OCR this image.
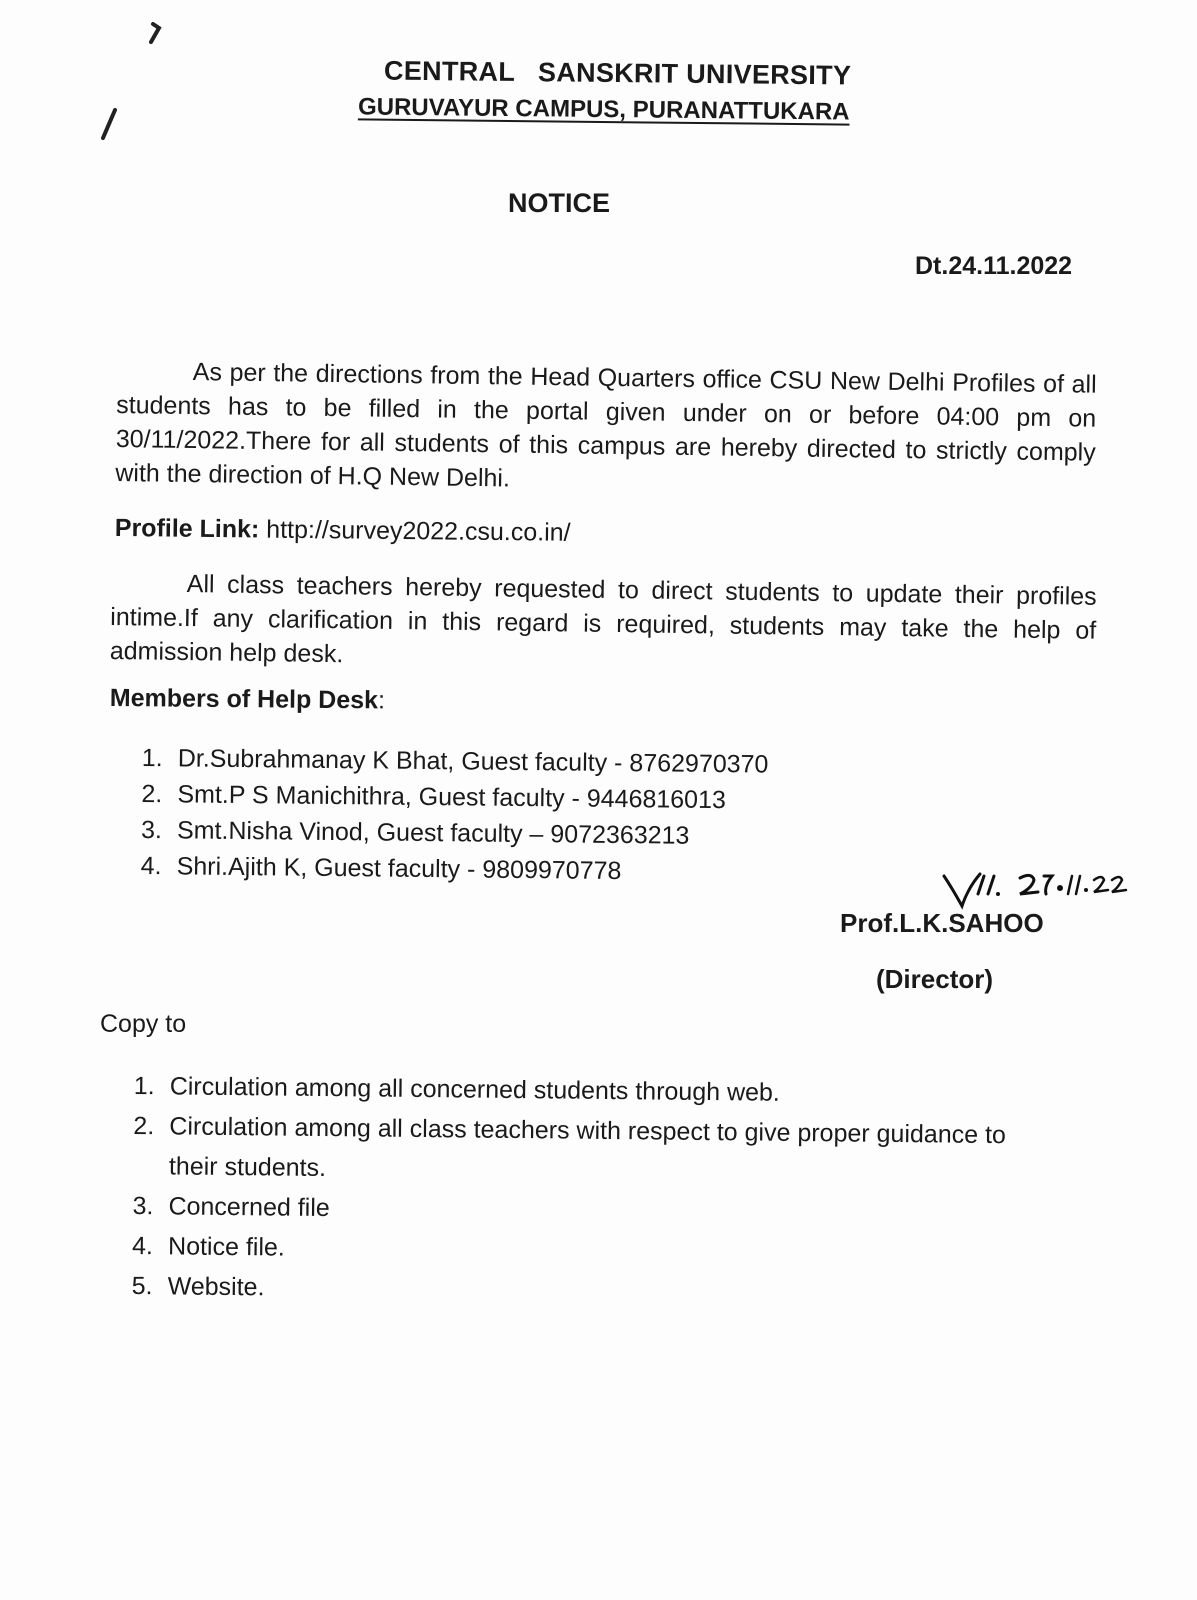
CENTRAL   SANSKRIT UNIVERSITY
GURUVAYUR CAMPUS, PURANATTUKARA
NOTICE
Dt.24.11.2022
As per the directions from the Head Quarters office CSU New Delhi Profiles of all students has to be filled in the portal given under on or before 04:00 pm on 30/11/2022.There for all students of this campus are hereby directed to strictly comply with the direction of H.Q New Delhi.
Profile Link: http://survey2022.csu.co.in/
All class teachers hereby requested to direct students to update their profiles intime.If any clarification in this regard is required, students may take the help of admission help desk.
Members of Help Desk:
1. Dr.Subrahmanay K Bhat, Guest faculty - 8762970370
2. Smt.P S Manichithra, Guest faculty - 9446816013
3. Smt.Nisha Vinod, Guest faculty – 9072363213
4. Shri.Ajith K, Guest faculty - 9809970778
Prof.L.K.SAHOO
(Director)
Copy to
1. Circulation among all concerned students through web.
2. Circulation among all class teachers with respect to give proper guidance to their students.
3. Concerned file
4. Notice file.
5. Website.
